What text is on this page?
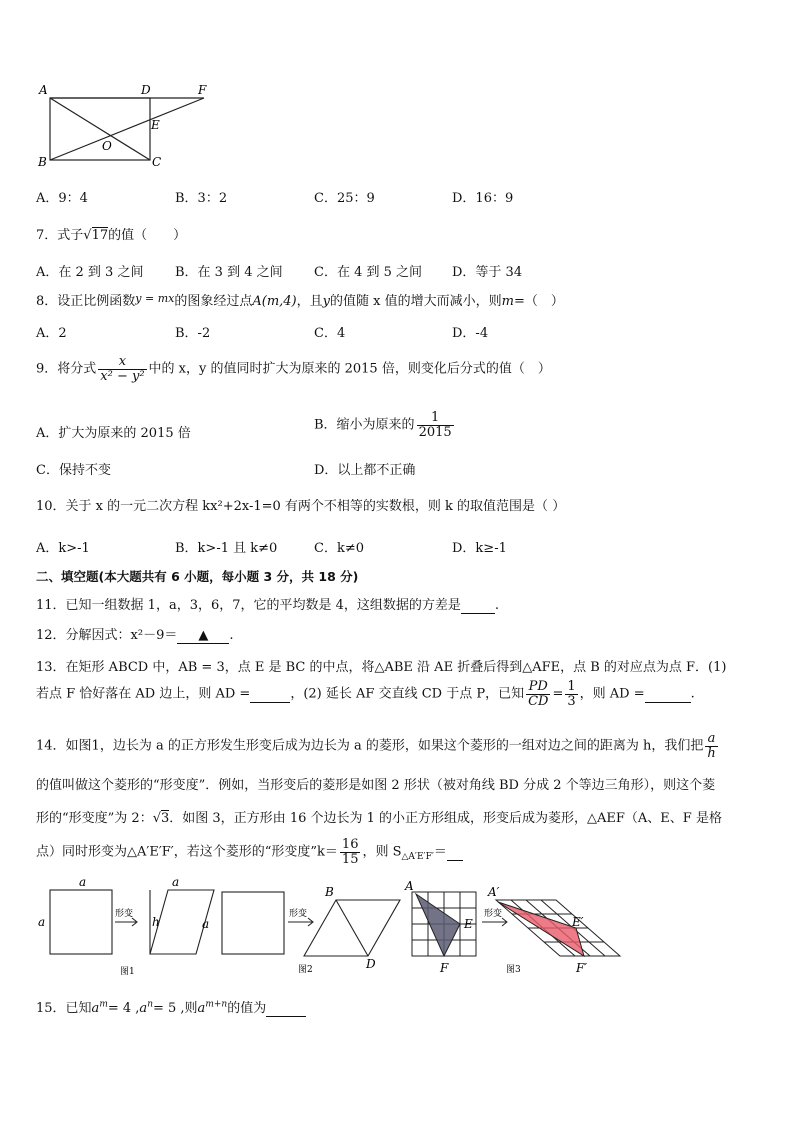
A	D	F
E
O
B	C
A．9：4	B．3：2	C．25：9	D．16：9
7．式子√17的值（　　）
A．在 2 到 3 之间 B．在 3 到 4 之间 C．在 4 到 5 之间 D．等于 34
8．设正比例函数$^{y = mx}$的图象经过点A(m,4)，且y的值随 x 值的增大而减小，则m=（　）
A．2	B．-2	C．4	D．-4
9．将分式 $\frac{x}{\text{x² − y²}}$ 中的 x，y 的值同时扩大为原来的 2015 倍，则变化后分式的值（　）
A．扩大为原来的 2015 倍
B．缩小为原来的 $\frac{1}{2015}$
C．保持不变	D．以上都不正确
10．关于 x 的一元二次方程 kx²+2x-1=0 有两个不相等的实数根，则 k 的取值范围是（ ）
A．k>-1	B．k>-1 且 k≠0	C．k≠0	D．k≥-1
二、填空题(本大题共有 6 小题，每小题 3 分，共 18 分)
11．已知一组数据 1，a，3，6，7，它的平均数是 4，这组数据的方差是	.
12．分解因式：x²－9＝ ▲ .
13．在矩形 ABCD 中，AB = 3，点 E 是 BC 的中点，将△ABE 沿 AE 折叠后得到△AFE，点 B 的对应点为点 F．(1)
若点 F 恰好落在 AD 边上，则 AD =	，(2) 延长 AF 交直线 CD 于点 P，已知 $\frac{PD}{CD} = \frac{1}{3}$ ，则 AD =	.
14．如图1，边长为 a 的正方形发生形变后成为边长为 a 的菱形，如果这个菱形的一组对边之间的距离为 h，我们把 $\frac{a}{h}$
的值叫做这个菱形的“形变度”．例如，当形变后的菱形是如图 2 形状（被对角线 BD 分成 2 个等边三角形），则这个菱
形的“形变度”为 2：√3．如图 3，正方形由 16 个边长为 1 的小正方形组成，形变后成为菱形，△AEF（A、E、F 是格
点）同时形变为△A′E′F′，若这个菱形的“形变度”k＝ $\frac{16}{15}$ ，则 $S_{\triangle A'E'F'}=$
a
a
形变
a
h	a
图1
形变
B
D
图2
A
E
F
形变
A′
E′
F′
图3
15．已知$a^m= 4$ $,a^n= 5$ ,则$a^{m+n}$的值为
